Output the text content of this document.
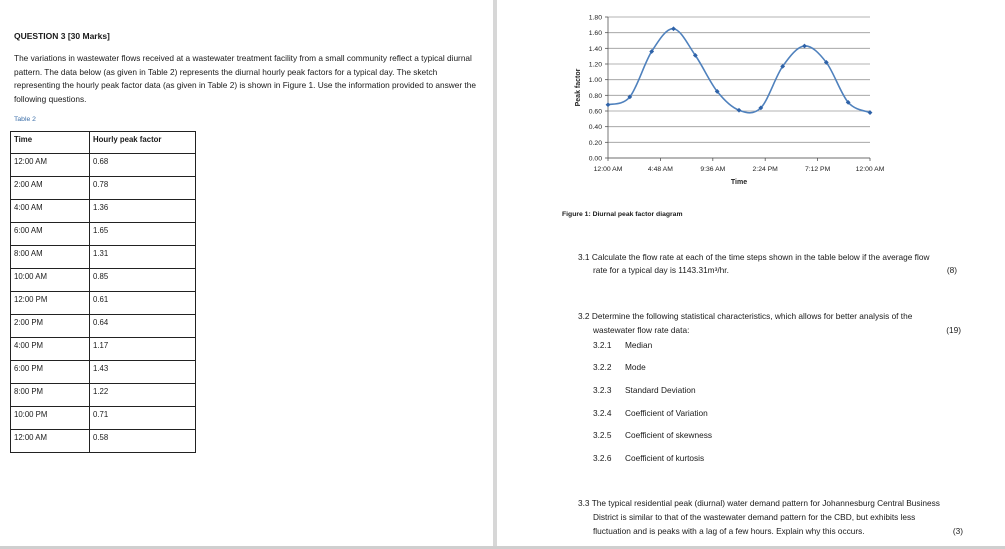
QUESTION 3 [30 Marks]
The variations in wastewater flows received at a wastewater treatment facility from a small community reflect a typical diurnal pattern. The data below (as given in Table 2) represents the diurnal hourly peak factors for a typical day. The sketch representing the hourly peak factor data (as given in Table 2) is shown in Figure 1. Use the information provided to answer the following questions.
Table 2
Time	Hourly peak factor
12:00 AM	0.68
2:00 AM	0.78
4:00 AM	1.36
6:00 AM	1.65
8:00 AM	1.31
10:00 AM	0.85
12:00 PM	0.61
2:00 PM	0.64
4:00 PM	1.17
6:00 PM	1.43
8:00 PM	1.22
10:00 PM	0.71
12:00 AM	0.58
0.00
0.20
0.40
0.60
0.80
1.00
1.20
1.40
1.60
1.80
12:00 AM	4:48 AM	9:36 AM	2:24 PM	7:12 PM	12:00 AM
Time
Peak factor
Figure 1: Diurnal peak factor diagram
3.1 Calculate the flow rate at each of the time steps shown in the table below if the average flow
rate for a typical day is 1143.31m³/hr.	(8)
3.2 Determine the following statistical characteristics, which allows for better analysis of the
wastewater flow rate data:	(19)
3.2.1 Median
3.2.2 Mode
3.2.3 Standard Deviation
3.2.4 Coefficient of Variation
3.2.5 Coefficient of skewness
3.2.6 Coefficient of kurtosis
3.3 The typical residential peak (diurnal) water demand pattern for Johannesburg Central Business
District is similar to that of the wastewater demand pattern for the CBD, but exhibits less
fluctuation and is peaks with a lag of a few hours. Explain why this occurs.	(3)
